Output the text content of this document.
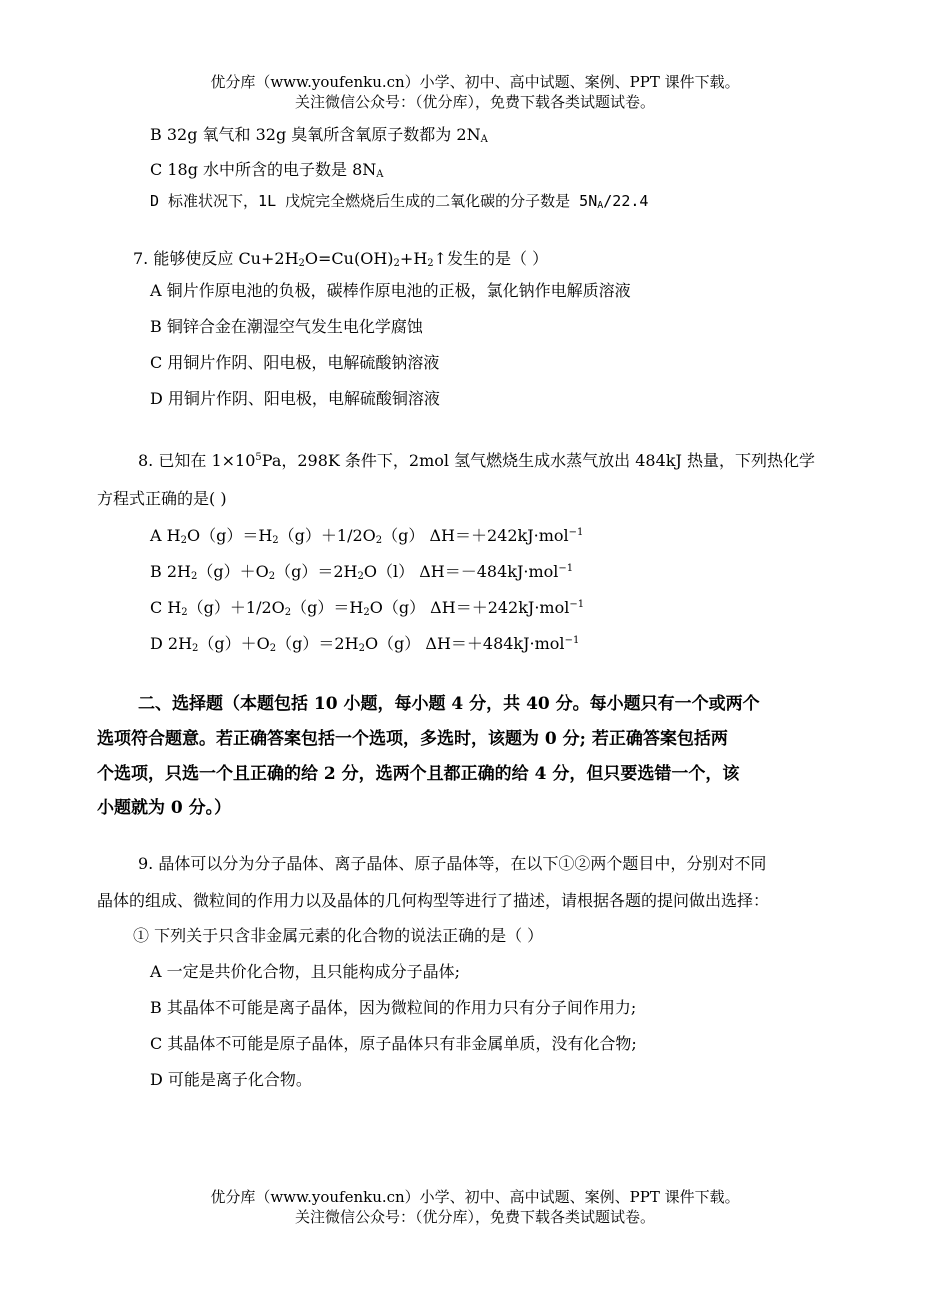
优分库（www.youfenku.cn）小学、初中、高中试题、案例、PPT 课件下载。
关注微信公众号：（优分库），免费下载各类试题试卷。
B 32g 氧气和 32g 臭氧所含氧原子数都为 $2N_A$
C 18g 水中所含的电子数是 $8N_A$
D 标准状况下，1L 戊烷完全燃烧后生成的二氧化碳的分子数是 $5N_A/22.4$
7. 能够使反应 $Cu+2H_2O=Cu(OH)_2+H_2↑$发生的是（ ）
A 铜片作原电池的负极，碳棒作原电池的正极，氯化钠作电解质溶液
B 铜锌合金在潮湿空气发生电化学腐蚀
C 用铜片作阴、阳电极，电解硫酸钠溶液
D 用铜片作阴、阳电极，电解硫酸铜溶液
8. 已知在 $1\times 10^5Pa$，298K 条件下，2mol 氢气燃烧生成水蒸气放出 484kJ 热量，下列热化学
方程式正确的是( )
A $H_2O(g)=H_2(g)+1/2O_2(g)$ ΔH＝＋242kJ·mol$^{-1}$
B $2H_2(g)+O_2(g)=2H_2O(l)$ ΔH＝－484kJ·mol$^{-1}$
C $H_2(g)+1/2O_2(g)=H_2O(g)$ ΔH＝＋242kJ·mol$^{-1}$
D $2H_2(g)+O_2(g)=2H_2O(g)$ ΔH＝＋484kJ·mol$^{-1}$
二、选择题（本题包括 10 小题，每小题 4 分，共 40 分。每小题只有一个或两个
选项符合题意。若正确答案包括一个选项，多选时，该题为 0 分; 若正确答案包括两
个选项，只选一个且正确的给 2 分，选两个且都正确的给 4 分，但只要选错一个，该
小题就为 0 分。）
9. 晶体可以分为分子晶体、离子晶体、原子晶体等，在以下①②两个题目中，分别对不同
晶体的组成、微粒间的作用力以及晶体的几何构型等进行了描述，请根据各题的提问做出选择：
① 下列关于只含非金属元素的化合物的说法正确的是（ ）
A 一定是共价化合物，且只能构成分子晶体;
B 其晶体不可能是离子晶体，因为微粒间的作用力只有分子间作用力;
C 其晶体不可能是原子晶体，原子晶体只有非金属单质，没有化合物;
D 可能是离子化合物。
优分库（www.youfenku.cn）小学、初中、高中试题、案例、PPT 课件下载。
关注微信公众号：（优分库），免费下载各类试题试卷。
